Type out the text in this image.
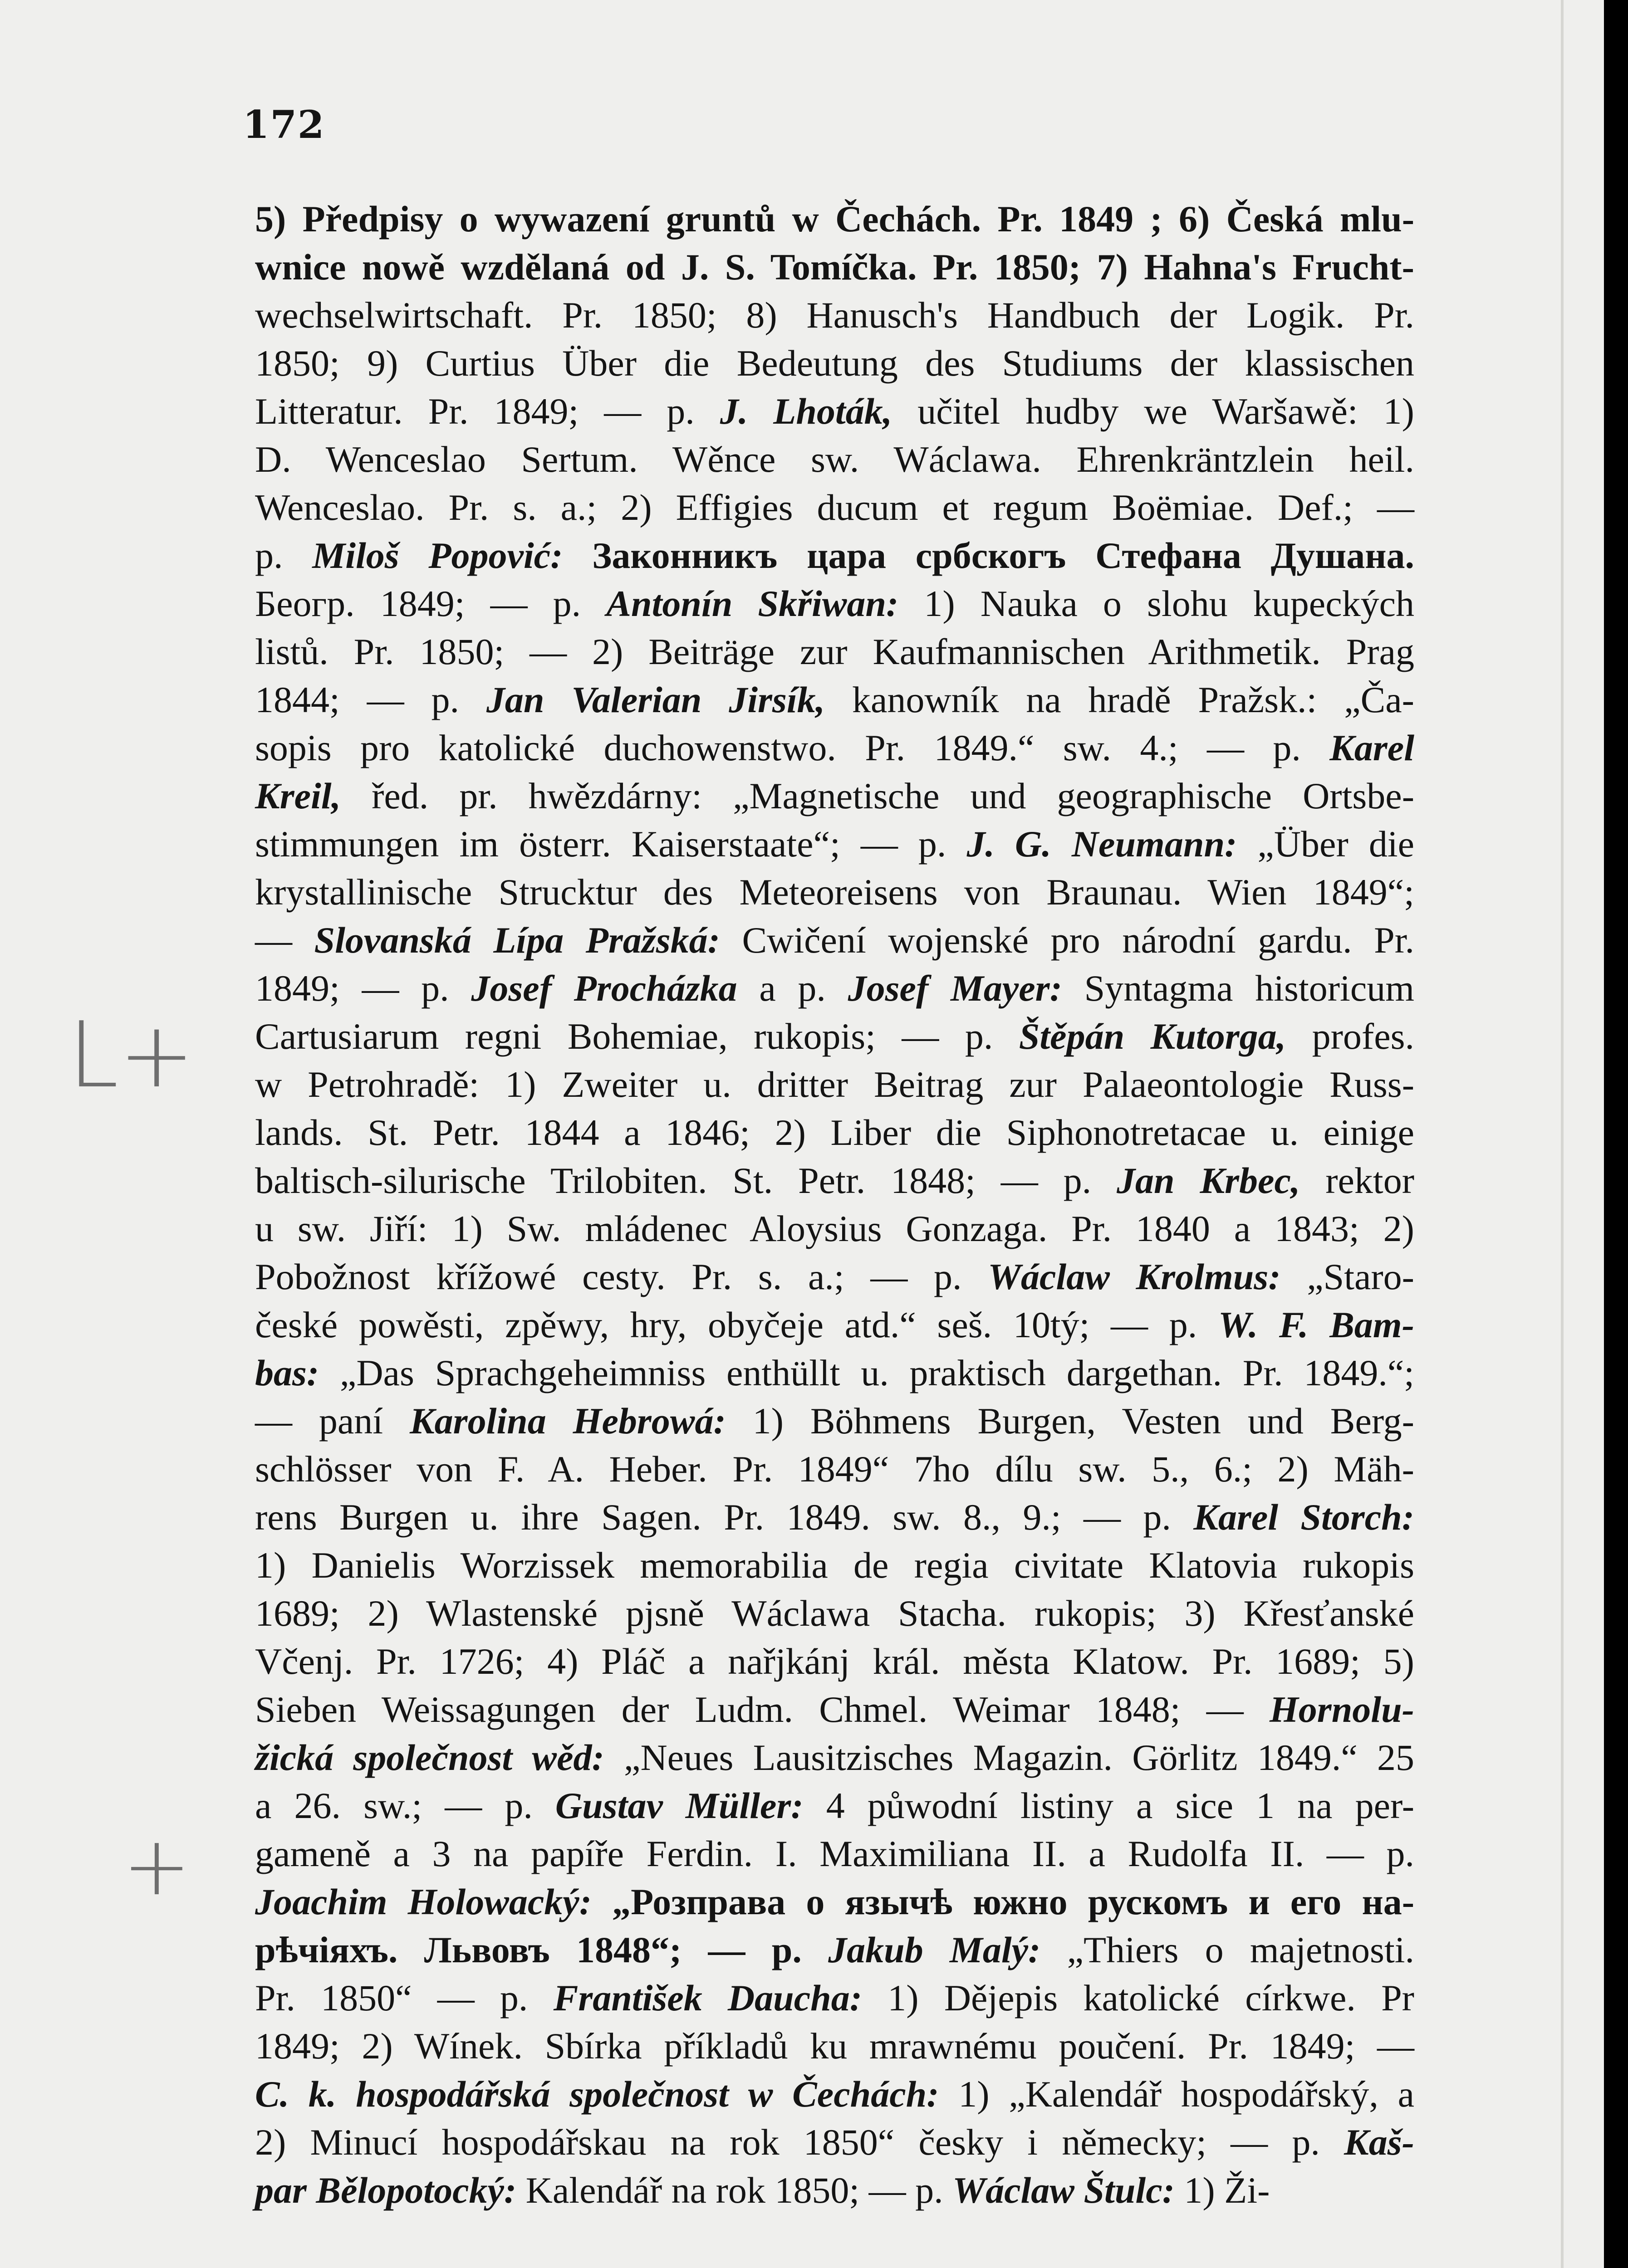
172
L+
+
5) Předpisy o wywazení gruntů w Čechách. Pr. 1849 ; 6) Česká mlu-
wnice nowě wzdělaná od J. S. Tomíčka. Pr. 1850; 7) Hahna's Frucht-
wechselwirtschaft. Pr. 1850; 8) Hanusch's Handbuch der Logik. Pr.
1850; 9) Curtius Über die Bedeutung des Studiums der klassischen
Litteratur. Pr. 1849; — p. J. Lhoták, učitel hudby we Waršawě: 1)
D. Wenceslao Sertum. Wěnce sw. Wáclawa. Ehrenkräntzlein heil.
Wenceslao. Pr. s. a.; 2) Effigies ducum et regum Boëmiae. Def.; —
p. Miloš Popović: Законникъ цара србскогъ Стефана Душана.
Беогр. 1849; — p. Antonín Skřiwan: 1) Nauka o slohu kupeckých
listů. Pr. 1850; — 2) Beiträge zur Kaufmannischen Arithmetik. Prag
1844; — p. Jan Valerian Jirsík, kanowník na hradě Pražsk.: „Ča-
sopis pro katolické duchowenstwo. Pr. 1849.“ sw. 4.; — p. Karel
Kreil, řed. pr. hwězdárny: „Magnetische und geographische Ortsbe-
stimmungen im österr. Kaiserstaate“; — p. J. G. Neumann: „Über die
krystallinische Strucktur des Meteoreisens von Braunau. Wien 1849“;
— Slovanská Lípa Pražská: Cwičení wojenské pro národní gardu. Pr.
1849; — p. Josef Procházka a p. Josef Mayer: Syntagma historicum
Cartusiarum regni Bohemiae, rukopis; — p. Štěpán Kutorga, profes.
w Petrohradě: 1) Zweiter u. dritter Beitrag zur Palaeontologie Russ-
lands. St. Petr. 1844 a 1846; 2) Liber die Siphonotretacae u. einige
baltisch-silurische Trilobiten. St. Petr. 1848; — p. Jan Krbec, rektor
u sw. Jiří: 1) Sw. mládenec Aloysius Gonzaga. Pr. 1840 a 1843; 2)
Pobožnost křížowé cesty. Pr. s. a.; — p. Wáclaw Krolmus: „Staro-
české powěsti, zpěwy, hry, obyčeje atd.“ seš. 10tý; — p. W. F. Bam-
bas: „Das Sprachgeheimniss enthüllt u. praktisch dargethan. Pr. 1849.“;
— paní Karolina Hebrowá: 1) Böhmens Burgen, Vesten und Berg-
schlösser von F. A. Heber. Pr. 1849“ 7ho dílu sw. 5., 6.; 2) Mäh-
rens Burgen u. ihre Sagen. Pr. 1849. sw. 8., 9.; — p. Karel Storch:
1) Danielis Worzissek memorabilia de regia civitate Klatovia rukopis
1689; 2) Wlastenské pjsně Wáclawa Stacha. rukopis; 3) Křesťanské
Včenj. Pr. 1726; 4) Pláč a nařjkánj král. města Klatow. Pr. 1689; 5)
Sieben Weissagungen der Ludm. Chmel. Weimar 1848; — Hornolu-
žická společnost wěd: „Neues Lausitzisches Magazin. Görlitz 1849.“ 25
a 26. sw.; — p. Gustav Müller: 4 půwodní listiny a sice 1 na per-
gameně a 3 na papíře Ferdin. I. Maximiliana II. a Rudolfa II. — p.
Joachim Holowacký: „Розправа о язычѣ южно рускомъ и его на-
рѣчіяхъ. Львовъ 1848“; — p. Jakub Malý: „Thiers o majetnosti.
Pr. 1850“ — p. František Daucha: 1) Dějepis katolické církwe. Pr
1849; 2) Wínek. Sbírka příkladů ku mrawnému poučení. Pr. 1849; —
C. k. hospodářská společnost w Čechách: 1) „Kalendář hospodářský, a
2) Minucí hospodářskau na rok 1850“ česky i německy; — p. Kaš-
par Bělopotocký: Kalendář na rok 1850; — p. Wáclaw Štulc: 1) Ži-
